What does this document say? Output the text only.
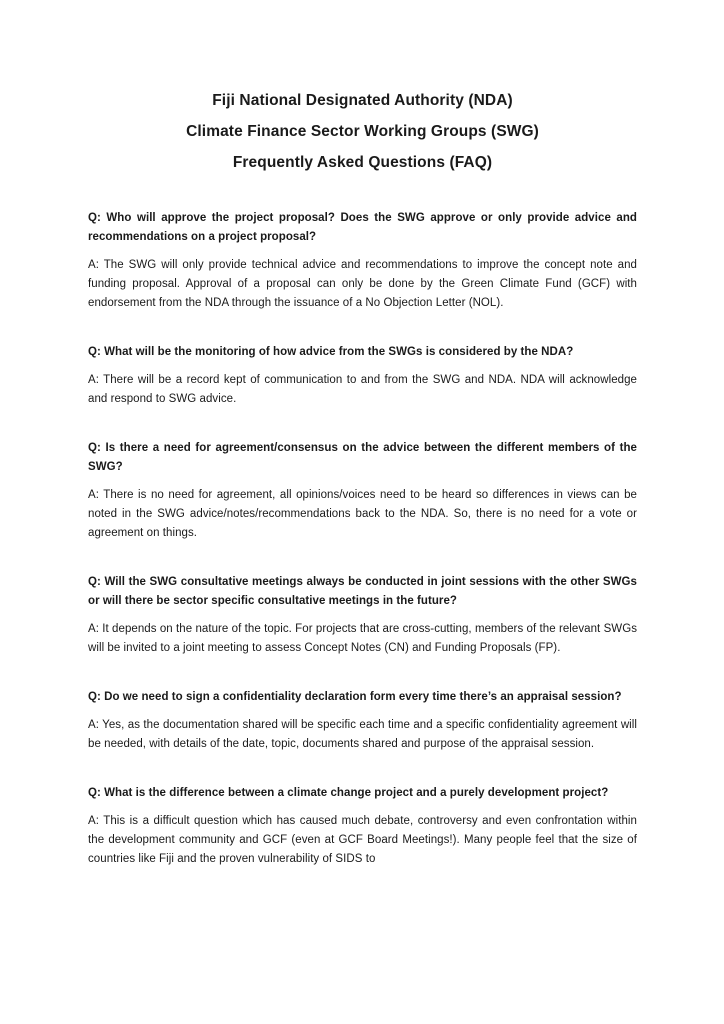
Fiji National Designated Authority (NDA)
Climate Finance Sector Working Groups (SWG)
Frequently Asked Questions (FAQ)

Q: Who will approve the project proposal? Does the SWG approve or only provide advice and recommendations on a project proposal?

A: The SWG will only provide technical advice and recommendations to improve the concept note and funding proposal. Approval of a proposal can only be done by the Green Climate Fund (GCF) with endorsement from the NDA through the issuance of a No Objection Letter (NOL).

Q: What will be the monitoring of how advice from the SWGs is considered by the NDA?

A: There will be a record kept of communication to and from the SWG and NDA. NDA will acknowledge and respond to SWG advice.

Q: Is there a need for agreement/consensus on the advice between the different members of the SWG?

A: There is no need for agreement, all opinions/voices need to be heard so differences in views can be noted in the SWG advice/notes/recommendations back to the NDA. So, there is no need for a vote or agreement on things.

Q: Will the SWG consultative meetings always be conducted in joint sessions with the other SWGs or will there be sector specific consultative meetings in the future?

A: It depends on the nature of the topic. For projects that are cross-cutting, members of the relevant SWGs will be invited to a joint meeting to assess Concept Notes (CN) and Funding Proposals (FP).

Q: Do we need to sign a confidentiality declaration form every time there’s an appraisal session?

A: Yes, as the documentation shared will be specific each time and a specific confidentiality agreement will be needed, with details of the date, topic, documents shared and purpose of the appraisal session.

Q: What is the difference between a climate change project and a purely development project?

A: This is a difficult question which has caused much debate, controversy and even confrontation within the development community and GCF (even at GCF Board Meetings!). Many people feel that the size of countries like Fiji and the proven vulnerability of SIDS to
